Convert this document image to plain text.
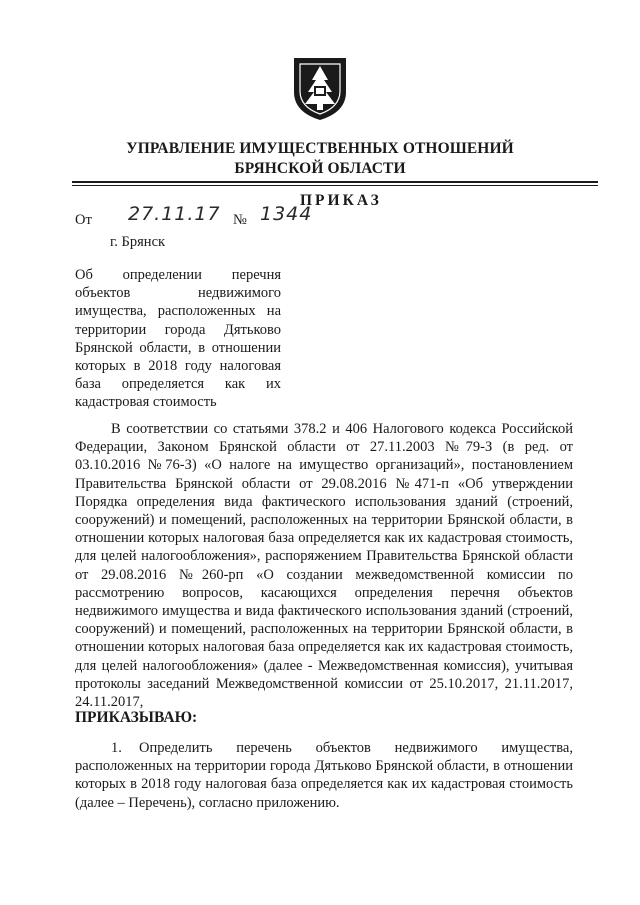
УПРАВЛЕНИЕ ИМУЩЕСТВЕННЫХ ОТНОШЕНИЙ
БРЯНСКОЙ ОБЛАСТИ
ПРИКАЗ
От 27.11.17 № 1344
г. Брянск
Об определении перечня объектов недвижимого имущества, расположенных на территории города Дятьково Брянской области, в отношении которых в 2018 году налоговая база определяется как их кадастровая стоимость
В соответствии со статьями 378.2 и 406 Налогового кодекса Российской Федерации, Законом Брянской области от 27.11.2003 №79-З (в ред. от 03.10.2016 №76-З) «О налоге на имущество организаций», постановлением Правительства Брянской области от 29.08.2016 №471-п «Об утверждении Порядка определения вида фактического использования зданий (строений, сооружений) и помещений, расположенных на территории Брянской области, в отношении которых налоговая база определяется как их кадастровая стоимость, для целей налогообложения», распоряжением Правительства Брянской области от 29.08.2016 №260-рп «О создании межведомственной комиссии по рассмотрению вопросов, касающихся определения перечня объектов недвижимого имущества и вида фактического использования зданий (строений, сооружений) и помещений, расположенных на территории Брянской области, в отношении которых налоговая база определяется как их кадастровая стоимость, для целей налогообложения» (далее - Межведомственная комиссия), учитывая протоколы заседаний Межведомственной комиссии от 25.10.2017, 21.11.2017, 24.11.2017,
ПРИКАЗЫВАЮ:
1. Определить перечень объектов недвижимого имущества, расположенных на территории города Дятьково Брянской области, в отношении которых в 2018 году налоговая база определяется как их кадастровая стоимость (далее – Перечень), согласно приложению.
